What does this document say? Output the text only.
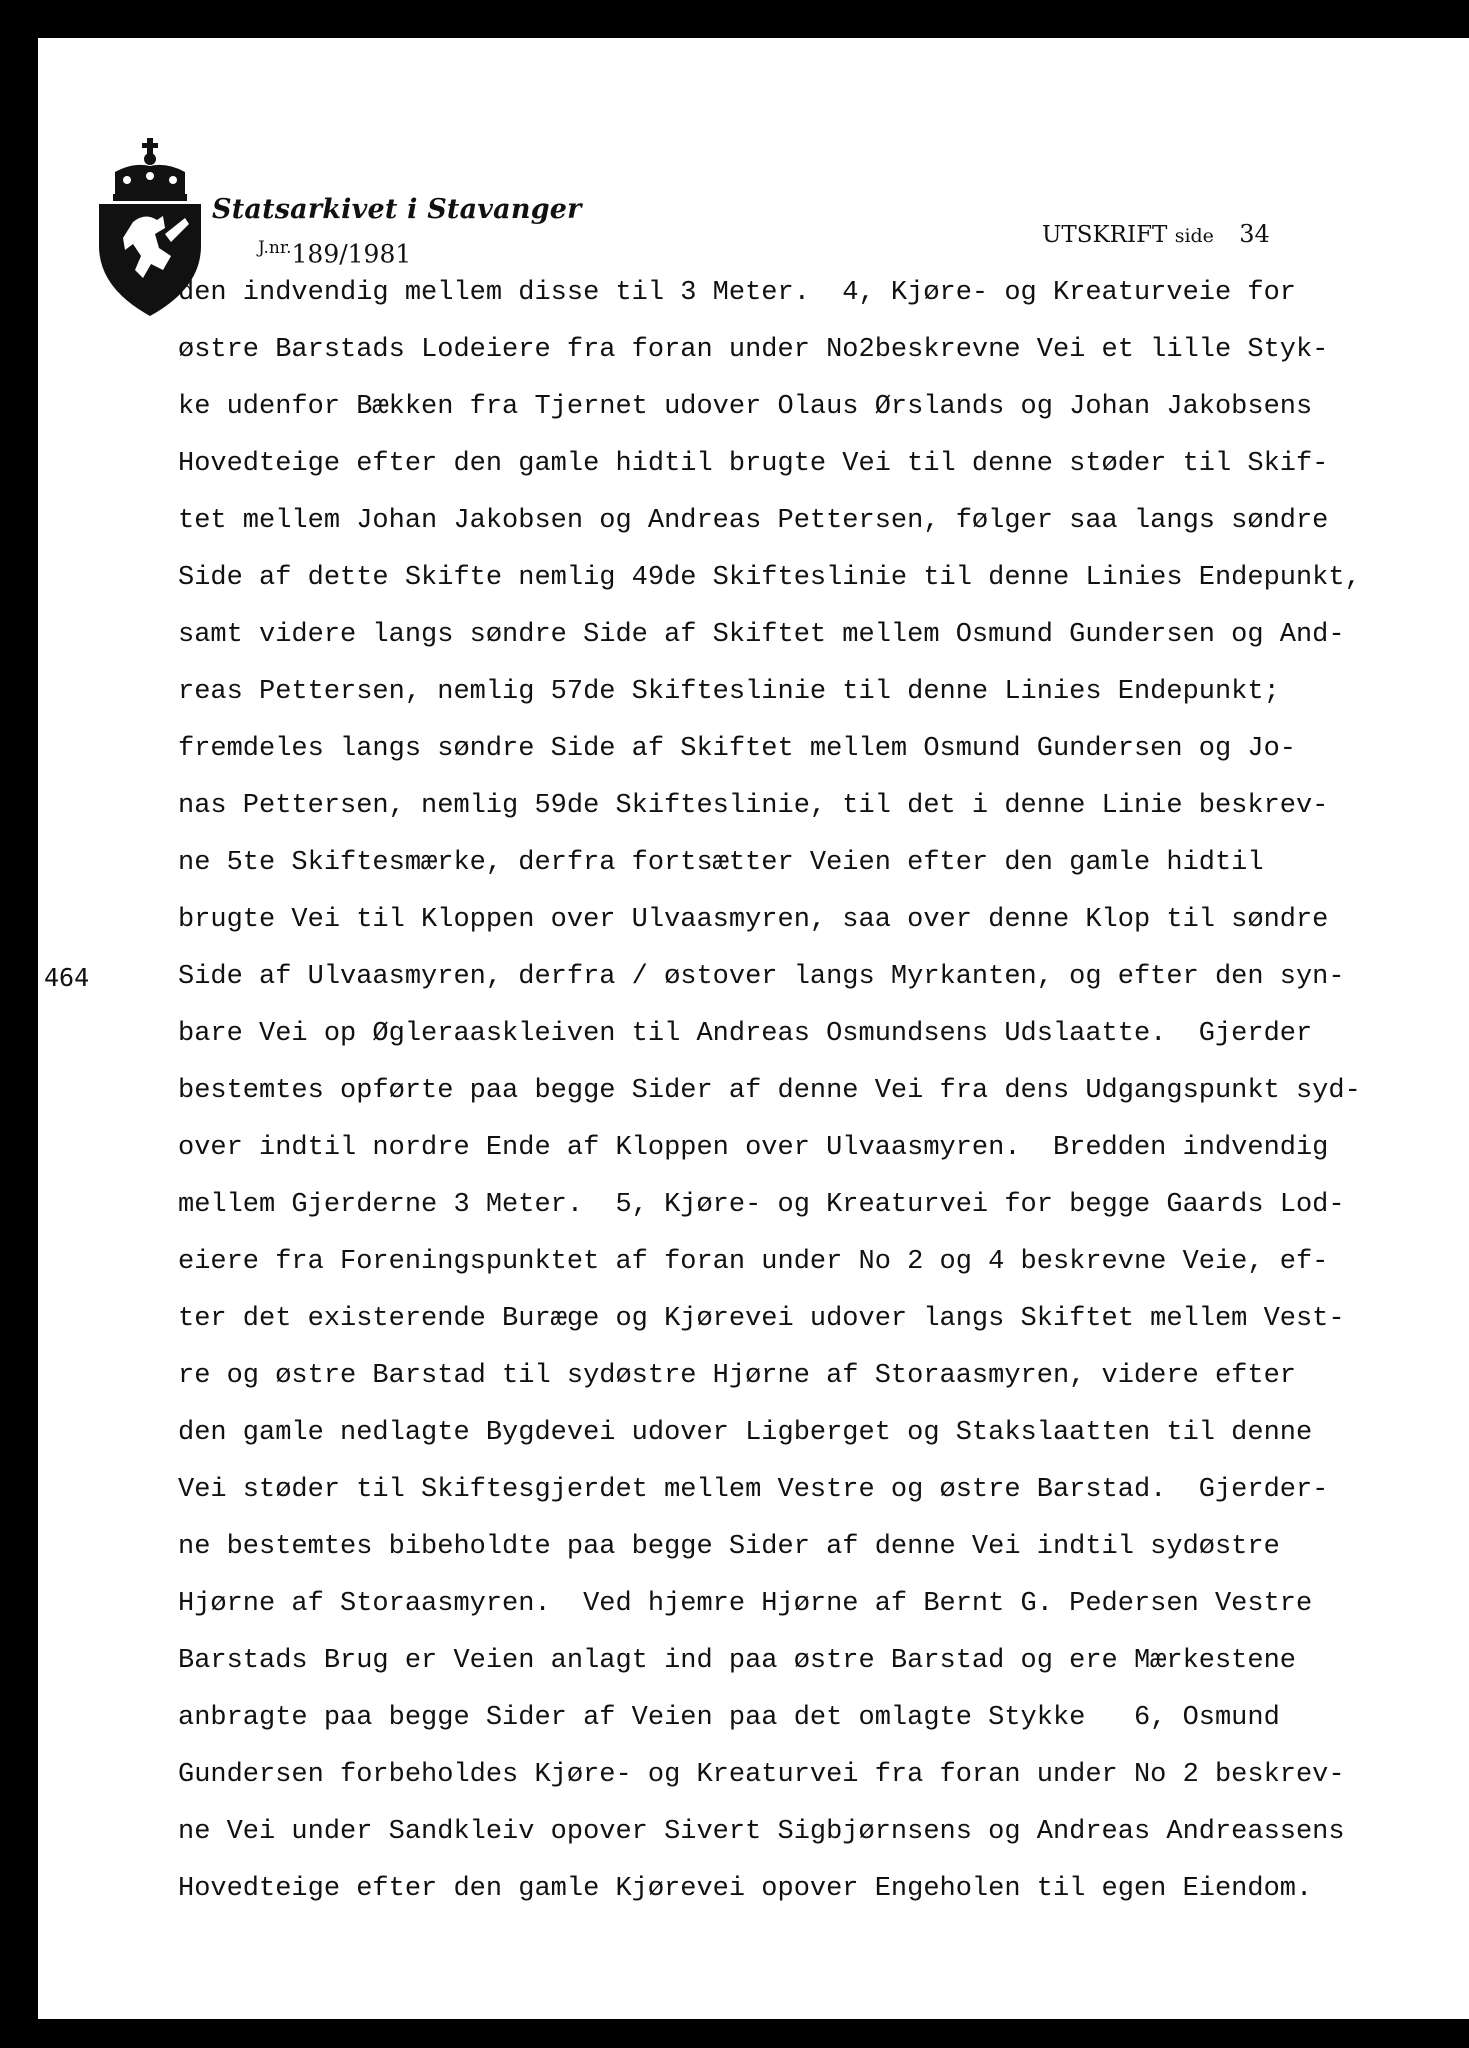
Statsarkivet i Stavanger
$^{J.nr.}$189/1981
UTSKRIFT side 34
464
den indvendig mellem disse til 3 Meter.  4, Kjøre- og Kreaturveie for
østre Barstads Lodeiere fra foran under No2beskrevne Vei et lille Styk-
ke udenfor Bækken fra Tjernet udover Olaus Ørslands og Johan Jakobsens
Hovedteige efter den gamle hidtil brugte Vei til denne støder til Skif-
tet mellem Johan Jakobsen og Andreas Pettersen, følger saa langs søndre
Side af dette Skifte nemlig 49de Skifteslinie til denne Linies Endepunkt,
samt videre langs søndre Side af Skiftet mellem Osmund Gundersen og And-
reas Pettersen, nemlig 57de Skifteslinie til denne Linies Endepunkt;
fremdeles langs søndre Side af Skiftet mellem Osmund Gundersen og Jo-
nas Pettersen, nemlig 59de Skifteslinie, til det i denne Linie beskrev-
ne 5te Skiftesmærke, derfra fortsætter Veien efter den gamle hidtil
brugte Vei til Kloppen over Ulvaasmyren, saa over denne Klop til søndre
Side af Ulvaasmyren, derfra / østover langs Myrkanten, og efter den syn-
bare Vei op Øgleraaskleiven til Andreas Osmundsens Udslaatte.  Gjerder
bestemtes opførte paa begge Sider af denne Vei fra dens Udgangspunkt syd-
over indtil nordre Ende af Kloppen over Ulvaasmyren.  Bredden indvendig
mellem Gjerderne 3 Meter.  5, Kjøre- og Kreaturvei for begge Gaards Lod-
eiere fra Foreningspunktet af foran under No 2 og 4 beskrevne Veie, ef-
ter det existerende Buræge og Kjørevei udover langs Skiftet mellem Vest-
re og østre Barstad til sydøstre Hjørne af Storaasmyren, videre efter
den gamle nedlagte Bygdevei udover Ligberget og Stakslaatten til denne
Vei støder til Skiftesgjerdet mellem Vestre og østre Barstad.  Gjerder-
ne bestemtes bibeholdte paa begge Sider af denne Vei indtil sydøstre
Hjørne af Storaasmyren.  Ved hjemre Hjørne af Bernt G. Pedersen Vestre
Barstads Brug er Veien anlagt ind paa østre Barstad og ere Mærkestene
anbragte paa begge Sider af Veien paa det omlagte Stykke   6, Osmund
Gundersen forbeholdes Kjøre- og Kreaturvei fra foran under No 2 beskrev-
ne Vei under Sandkleiv opover Sivert Sigbjørnsens og Andreas Andreassens
Hovedteige efter den gamle Kjørevei opover Engeholen til egen Eiendom.
